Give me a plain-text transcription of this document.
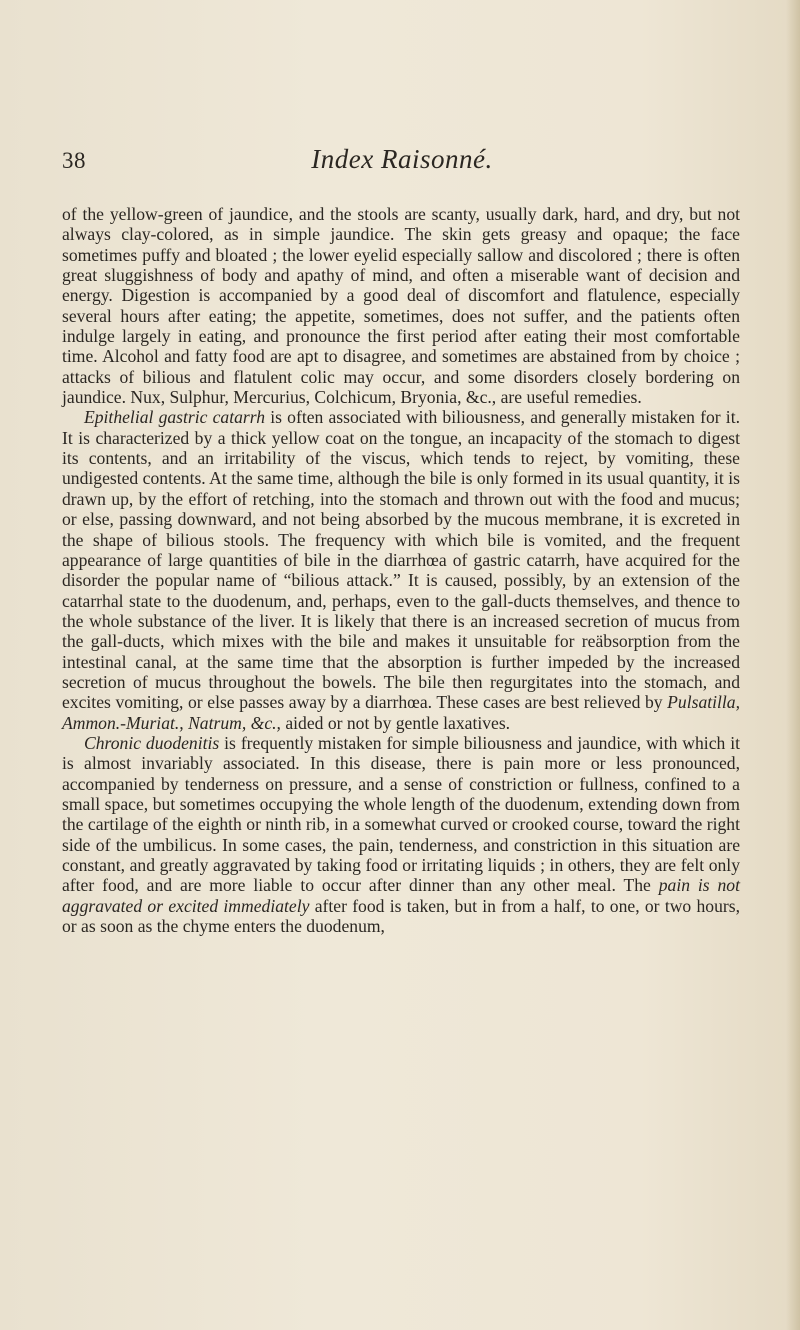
38	Index Raisonné.

of the yellow-green of jaundice, and the stools are scanty, usually dark, hard, and dry, but not always clay-colored, as in simple jaundice. The skin gets greasy and opaque; the face sometimes puffy and bloated ; the lower eyelid especially sallow and discolored ; there is often great sluggishness of body and apathy of mind, and often a miserable want of decision and energy. Digestion is accompanied by a good deal of discomfort and flatulence, especially several hours after eating; the appetite, sometimes, does not suffer, and the patients often indulge largely in eating, and pronounce the first period after eating their most comfortable time. Alcohol and fatty food are apt to disagree, and sometimes are abstained from by choice ; attacks of bilious and flatulent colic may occur, and some disorders closely bordering on jaundice. Nux, Sulphur, Mercurius, Colchicum, Bryonia, &c., are useful remedies.

Epithelial gastric catarrh is often associated with biliousness, and generally mistaken for it. It is characterized by a thick yellow coat on the tongue, an incapacity of the stomach to digest its contents, and an irritability of the viscus, which tends to reject, by vomiting, these undigested contents. At the same time, although the bile is only formed in its usual quantity, it is drawn up, by the effort of retching, into the stomach and thrown out with the food and mucus; or else, passing downward, and not being absorbed by the mucous membrane, it is excreted in the shape of bilious stools. The frequency with which bile is vomited, and the frequent appearance of large quantities of bile in the diarrhœa of gastric catarrh, have acquired for the disorder the popular name of “bilious attack.” It is caused, possibly, by an extension of the catarrhal state to the duodenum, and, perhaps, even to the gall-ducts themselves, and thence to the whole substance of the liver. It is likely that there is an increased secretion of mucus from the gall-ducts, which mixes with the bile and makes it unsuitable for reäbsorption from the intestinal canal, at the same time that the absorption is further impeded by the increased secretion of mucus throughout the bowels. The bile then regurgitates into the stomach, and excites vomiting, or else passes away by a diarrhœa. These cases are best relieved by Pulsatilla, Ammon.-Muriat., Natrum, &c., aided or not by gentle laxatives.

Chronic duodenitis is frequently mistaken for simple biliousness and jaundice, with which it is almost invariably associated. In this disease, there is pain more or less pronounced, accompanied by tenderness on pressure, and a sense of constriction or fullness, confined to a small space, but sometimes occupying the whole length of the duodenum, extending down from the cartilage of the eighth or ninth rib, in a somewhat curved or crooked course, toward the right side of the umbilicus. In some cases, the pain, tenderness, and constriction in this situation are constant, and greatly aggravated by taking food or irritating liquids ; in others, they are felt only after food, and are more liable to occur after dinner than any other meal. The pain is not aggravated or excited immediately after food is taken, but in from a half, to one, or two hours, or as soon as the chyme enters the duodenum,
